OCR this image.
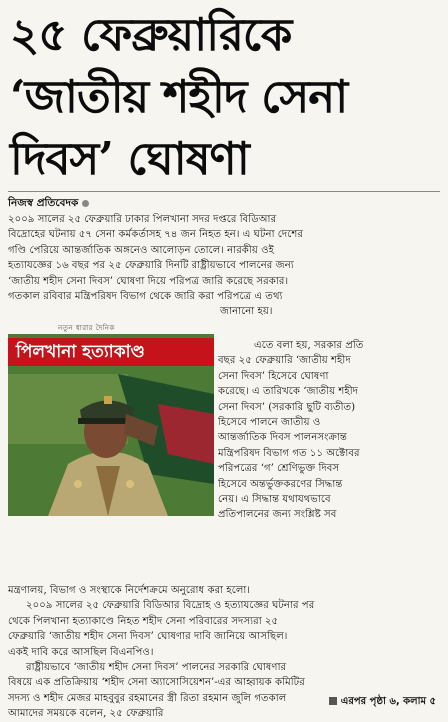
২৫ ফেব্রুয়ারিকে
‘জাতীয় শহীদ সেনা
দিবস’ ঘোষণা
নিজস্ব প্রতিবেদক

২০০৯ সালের ২৫ ফেব্রুয়ারি ঢাকার পিলখানা সদর দপ্তরে বিডিআর

বিদ্রোহের ঘটনায় ৫৭ সেনা কর্মকর্তাসহ ৭৪ জন নিহত হন। এ ঘটনা দেশের

গণ্ডি পেরিয়ে আন্তর্জাতিক অঙ্গনেও আলোড়ন তোলে। নারকীয় ওই

হত্যাযজ্ঞের ১৬ বছর পর ২৫ ফেব্রুয়ারি দিনটি রাষ্ট্রীয়ভাবে পালনের জন্য

‘জাতীয় শহীদ সেনা দিবস’ ঘোষণা দিয়ে পরিপত্র জারি করেছে সরকার।

গতকাল রবিবার মন্ত্রিপরিষদ বিভাগ থেকে জারি করা পরিপত্রে এ তথ্য

জানানো হয়।

নতুন ধারার দৈনিক
পিলখানা হত্যাকাণ্ড	এতে বলা হয়, সরকার প্রতি

বছর ২৫ ফেব্রুয়ারি ‘জাতীয় শহীদ

সেনা দিবস’ হিসেবে ঘোষণা

করেছে। এ তারিখকে ‘জাতীয় শহীদ

সেনা দিবস’ (সরকারি ছুটি ব্যতীত)

হিসেবে পালনে জাতীয় ও

আন্তর্জাতিক দিবস পালনসংক্রান্ত

মন্ত্রিপরিষদ বিভাগ গত ১১ অক্টোবর

পরিপত্রের ‘গ’ শ্রেণিভুক্ত দিবস

হিসেবে অন্তর্ভুক্তকরণের সিদ্ধান্ত

নেয়। এ সিদ্ধান্ত যথাযথভাবে

প্রতিপালনের জন্য সংশ্লিষ্ট সব

মন্ত্রণালয়, বিভাগ ও সংস্থাকে নির্দেশক্রমে অনুরোধ করা হলো।

২০০৯ সালের ২৫ ফেব্রুয়ারি বিডিআর বিদ্রোহ ও হত্যাযজ্ঞের ঘটনার পর

থেকে পিলখানা হত্যাকাণ্ডে নিহত শহীদ সেনা পরিবারের সদস্যরা ২৫

ফেব্রুয়ারি ‘জাতীয় শহীদ সেনা দিবস’ ঘোষণার দাবি জানিয়ে আসছিল।

একই দাবি করে আসছিল বিএনপিও।

রাষ্ট্রীয়ভাবে ‘জাতীয় শহীদ সেনা দিবস’ পালনের সরকারি ঘোষণার

বিষয়ে এক প্রতিক্রিয়ায় ‘শহীদ সেনা অ্যাসোসিয়েশন’-এর আহ্বায়ক কমিটির

সদস্য ও শহীদ মেজর মাহবুবুর রহমানের স্ত্রী রিতা রহমান জুলি গতকাল

আমাদের সময়কে বলেন, ২৫ ফেব্রুয়ারি

এরপর পৃষ্ঠা ৬, কলাম ৫
